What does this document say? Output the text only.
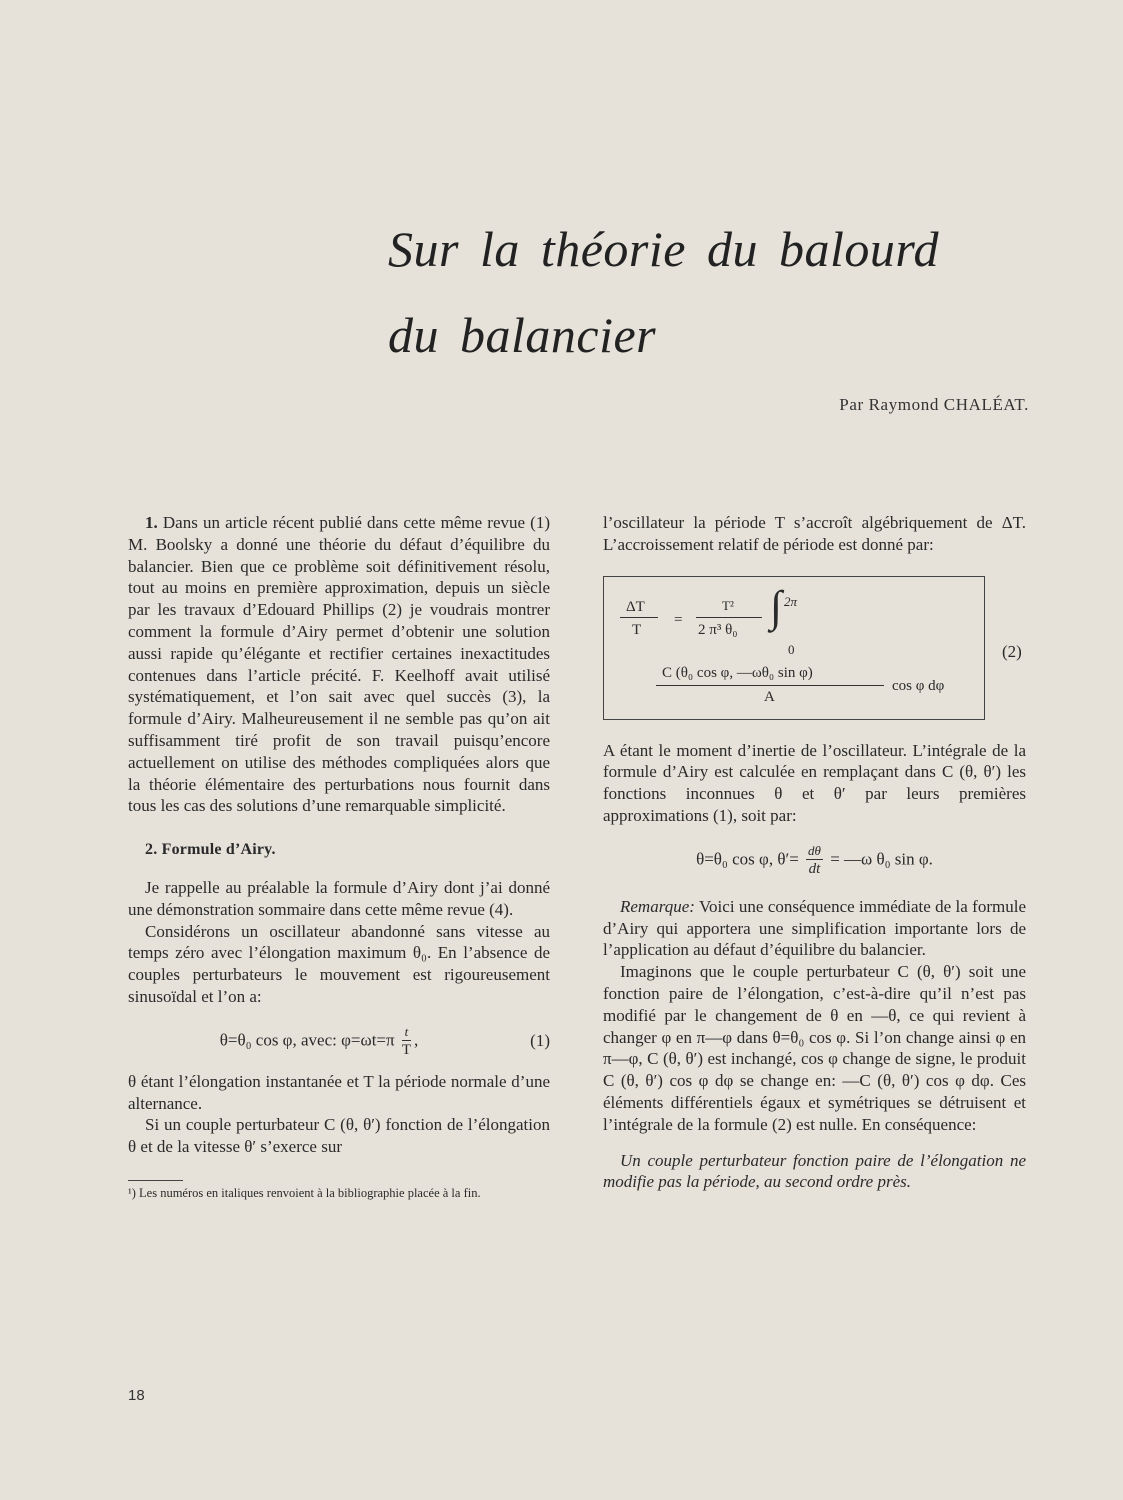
Sur la théorie du balourd
du balancier
Par Raymond CHALÉAT.

1. Dans un article récent publié dans cette même revue (1) M. Boolsky a donné une théorie du défaut d’équilibre du balancier. Bien que ce problème soit définitivement résolu, tout au moins en première approximation, depuis un siècle par les travaux d’Edouard Phillips (2) je voudrais montrer comment la formule d’Airy permet d’obtenir une solution aussi rapide qu’élégante et rectifier certaines inexactitudes contenues dans l’article précité. F. Keelhoff avait utilisé systématiquement, et l’on sait avec quel succès (3), la formule d’Airy. Malheureusement il ne semble pas qu’on ait suffisamment tiré profit de son travail puisqu’encore actuellement on utilise des méthodes compliquées alors que la théorie élémentaire des perturbations nous fournit dans tous les cas des solutions d’une remarquable simplicité.

2. Formule d’Airy.

Je rappelle au préalable la formule d’Airy dont j’ai donné une démonstration sommaire dans cette même revue (4).

Considérons un oscillateur abandonné sans vitesse au temps zéro avec l’élongation maximum θ₀. En l’absence de couples perturbateurs le mouvement est rigoureusement sinusoïdal et l’on a:

θ=θ₀ cos φ, avec: $\varphi=\omega t=\pi \frac{t}{T}$ ,	(1)

θ étant l’élongation instantanée et T la période normale d’une alternance.

Si un couple perturbateur C (θ, θ′) fonction de l’élongation θ et de la vitesse θ′ s’exerce sur

¹) Les numéros en italiques renvoient à la bibliographie placée à la fin.

l’oscillateur la période T s’accroît algébriquement de ΔT. L’accroissement relatif de période est donné par:

ΔT
T
=
T²
2 π³ θ₀ ∫ 2π
0
C (θ₀ cos φ, —ωθ₀ sin φ)
A
cos φ dφ
(2)

A étant le moment d’inertie de l’oscillateur. L’intégrale de la formule d’Airy est calculée en remplaçant dans C (θ, θ′) les fonctions inconnues θ et θ′ par leurs premières approximations (1), soit par:

θ=θ₀ cos φ, $\theta'= \frac{d\theta}{dt}$ = —ω θ₀ sin φ.

Remarque: Voici une conséquence immédiate de la formule d’Airy qui apportera une simplification importante lors de l’application au défaut d’équilibre du balancier.

Imaginons que le couple perturbateur C (θ, θ′) soit une fonction paire de l’élongation, c’est-à-dire qu’il n’est pas modifié par le changement de θ en —θ, ce qui revient à changer φ en π—φ dans θ=θ₀ cos φ. Si l’on change ainsi φ en π—φ, C (θ, θ′) est inchangé, cos φ change de signe, le produit C (θ, θ′) cos φ dφ se change en: —C (θ, θ′) cos φ dφ. Ces éléments différentiels égaux et symétriques se détruisent et l’intégrale de la formule (2) est nulle. En conséquence:

Un couple perturbateur fonction paire de l’élongation ne modifie pas la période, au second ordre près.

18
